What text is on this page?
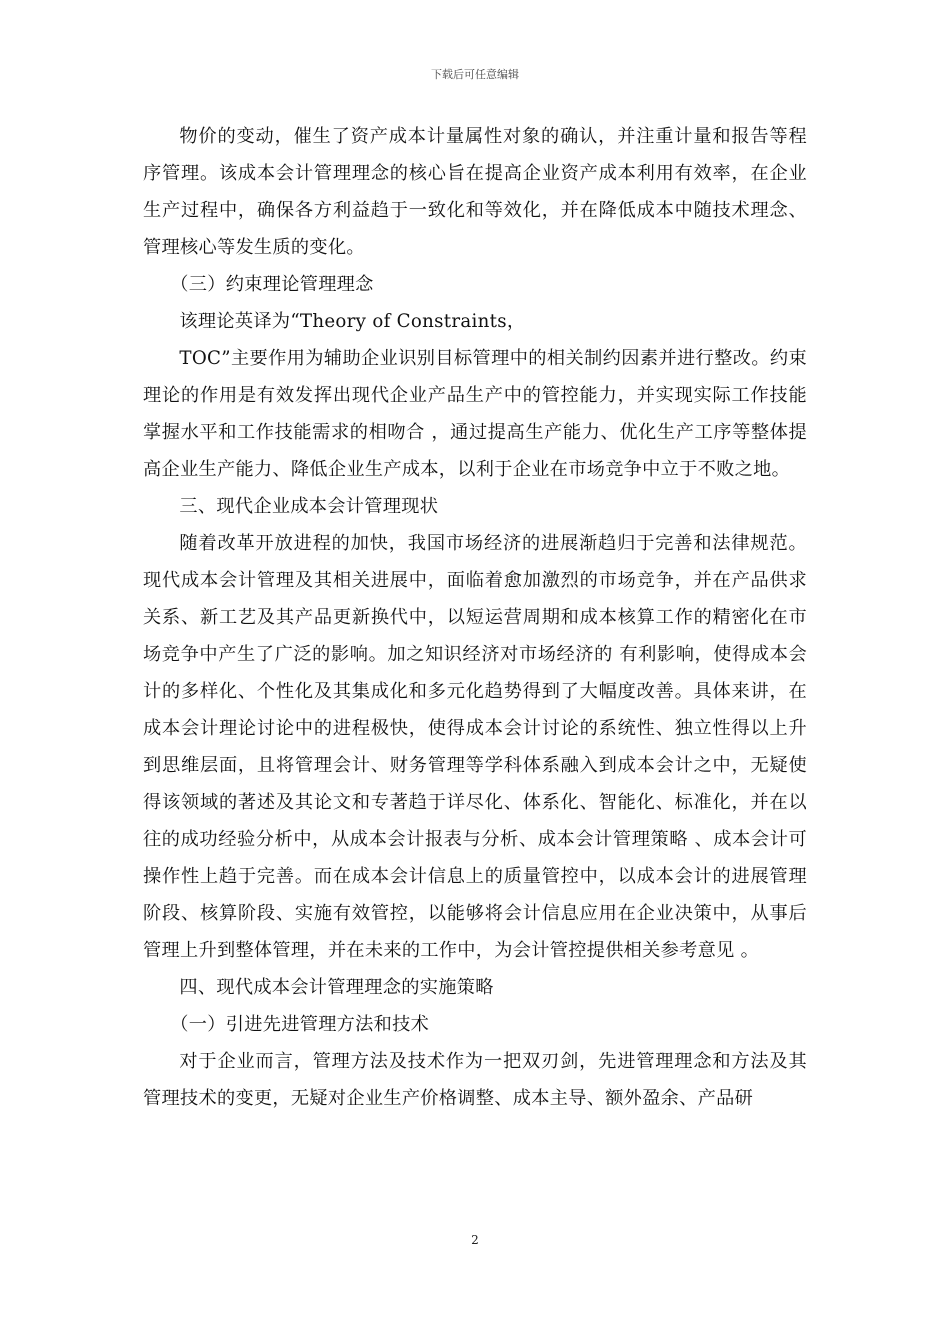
下载后可任意编辑

物价的变动，催生了资产成本计量属性对象的确认，并注重计量和报告等程序管理。该成本会计管理理念的核心旨在提高企业资产成本利用有效率，在企业生产过程中，确保各方利益趋于一致化和等效化，并在降低成本中随技术理念、管理核心等发生质的变化。

（三）约束理论管理理念

该理论英译为“Theory of Constraints，

TOC”主要作用为辅助企业识别目标管理中的相关制约因素并进行整改。约束理论的作用是有效发挥出现代企业产品生产中的管控能力，并实现实际工作技能掌握水平和工作技能需求的相吻合 ，通过提高生产能力、优化生产工序等整体提高企业生产能力、降低企业生产成本，以利于企业在市场竞争中立于不败之地。

三、现代企业成本会计管理现状

随着改革开放进程的加快，我国市场经济的进展渐趋归于完善和法律规范。现代成本会计管理及其相关进展中，面临着愈加激烈的市场竞争，并在产品供求关系、新工艺及其产品更新换代中，以短运营周期和成本核算工作的精密化在市场竞争中产生了广泛的影响。加之知识经济对市场经济的 有利影响，使得成本会计的多样化、个性化及其集成化和多元化趋势得到了大幅度改善。具体来讲，在成本会计理论讨论中的进程极快，使得成本会计讨论的系统性、独立性得以上升到思维层面，且将管理会计、财务管理等学科体系融入到成本会计之中，无疑使得该领域的著述及其论文和专著趋于详尽化、体系化、智能化、标准化，并在以往的成功经验分析中，从成本会计报表与分析、成本会计管理策略 、成本会计可操作性上趋于完善。而在成本会计信息上的质量管控中，以成本会计的进展管理阶段、核算阶段、实施有效管控，以能够将会计信息应用在企业决策中，从事后管理上升到整体管理，并在未来的工作中，为会计管控提供相关参考意见 。

四、现代成本会计管理理念的实施策略

（一）引进先进管理方法和技术

对于企业而言，管理方法及技术作为一把双刃剑，先进管理理念和方法及其管理技术的变更，无疑对企业生产价格调整、成本主导、额外盈余、产品研

2
